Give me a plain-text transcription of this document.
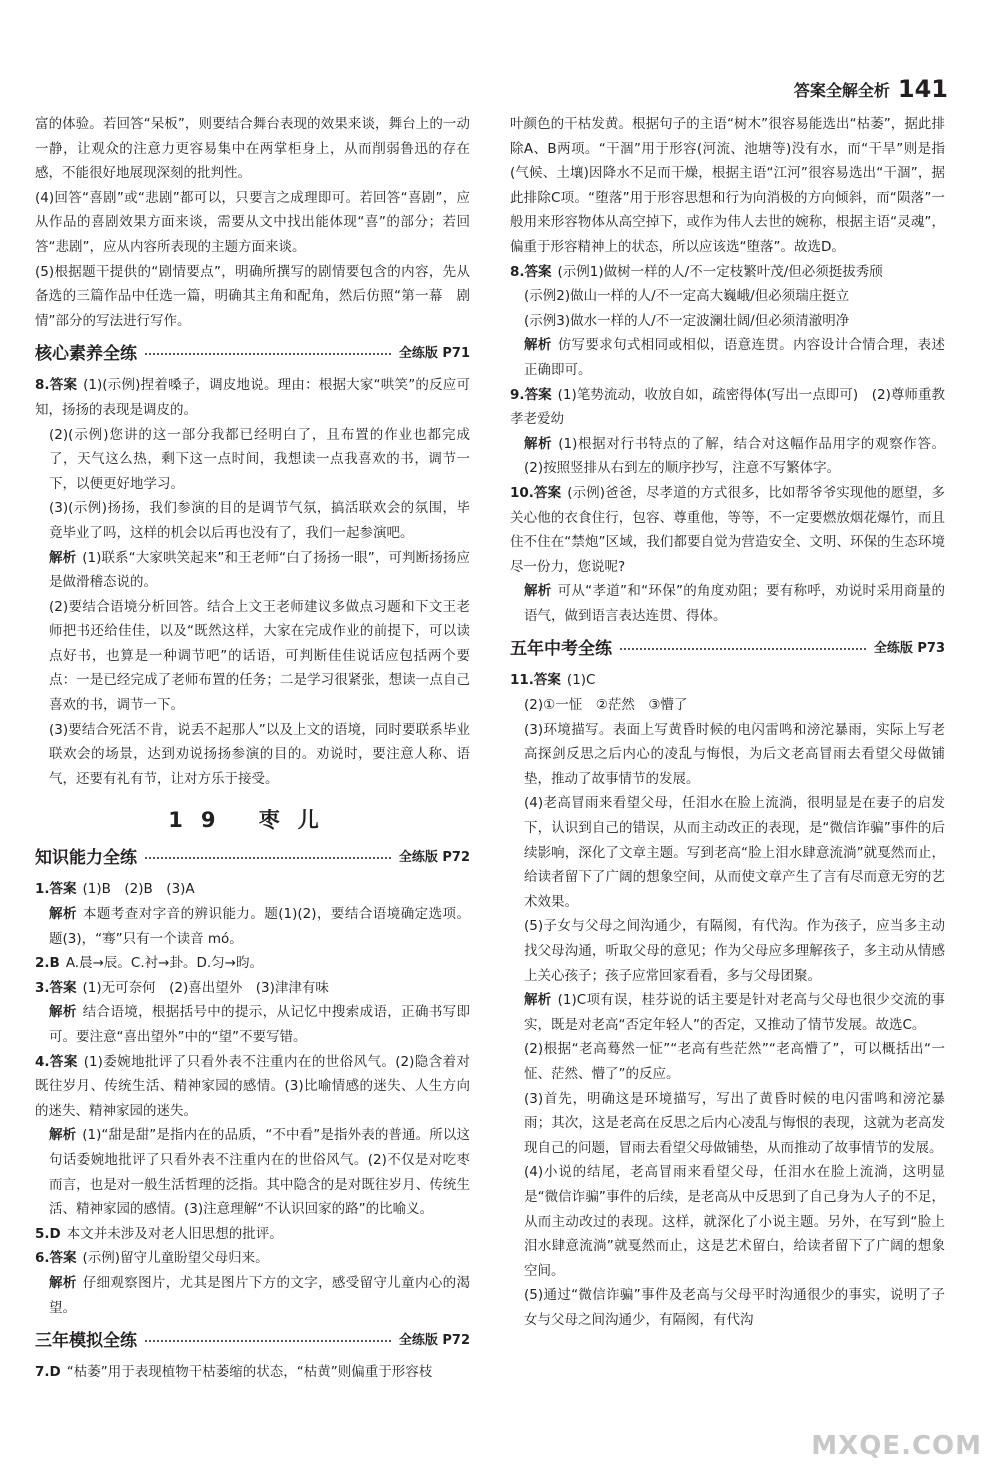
答案全解全析 141

富的体验。若回答“呆板”，则要结合舞台表现的效果来谈，舞台上的一动一静，让观众的注意力更容易集中在两掌柜身上，从而削弱鲁迅的存在感，不能很好地展现深刻的批判性。

(4)回答“喜剧”或“悲剧”都可以，只要言之成理即可。若回答“喜剧”，应从作品的喜剧效果方面来谈，需要从文中找出能体现“喜”的部分；若回答“悲剧”，应从内容所表现的主题方面来谈。

(5)根据题干提供的“剧情要点”，明确所撰写的剧情要包含的内容，先从备选的三篇作品中任选一篇，明确其主角和配角，然后仿照“第一幕　剧情”部分的写法进行写作。

核心素养全练	全练版 P71

8.答案 (1)(示例)捏着嗓子，调皮地说。理由：根据大家“哄笑”的反应可知，扬扬的表现是调皮的。

(2)(示例)您讲的这一部分我都已经明白了，且布置的作业也都完成了，天气这么热，剩下这一点时间，我想读一点我喜欢的书，调节一下，以便更好地学习。

(3)(示例)扬扬，我们参演的目的是调节气氛，搞活联欢会的氛围，毕竟毕业了吗，这样的机会以后再也没有了，我们一起参演吧。

解析 (1)联系“大家哄笑起来”和王老师“白了扬扬一眼”，可判断扬扬应是做滑稽态说的。

(2)要结合语境分析回答。结合上文王老师建议多做点习题和下文王老师把书还给佳佳，以及“既然这样，大家在完成作业的前提下，可以读点好书，也算是一种调节吧”的话语，可判断佳佳说话应包括两个要点：一是已经完成了老师布置的任务；二是学习很紧张，想读一点自己喜欢的书，调节一下。

(3)要结合死活不肯，说丢不起那人”以及上文的语境，同时要联系毕业联欢会的场景，达到劝说扬扬参演的目的。劝说时，要注意人称、语气，还要有礼有节，让对方乐于接受。

19 枣儿
知识能力全练	全练版 P72

1.答案 (1)B　(2)B　(3)A

解析 本题考查对字音的辨识能力。题(1)(2)，要结合语境确定选项。题(3)，“骞”只有一个读音 mó。

2.B A.晨→辰。C.衬→卦。D.匀→昀。

3.答案 (1)无可奈何　(2)喜出望外　(3)津津有味

解析 结合语境，根据括号中的提示，从记忆中搜索成语，正确书写即可。要注意“喜出望外”中的“望”不要写错。

4.答案 (1)委婉地批评了只看外表不注重内在的世俗风气。(2)隐含着对既往岁月、传统生活、精神家园的感情。(3)比喻情感的迷失、人生方向的迷失、精神家园的迷失。

解析 (1)“甜是甜”是指内在的品质，“不中看”是指外表的普通。所以这句话委婉地批评了只看外表不注重内在的世俗风气。(2)不仅是对吃枣而言，也是对一般生活哲理的泛指。其中隐含的是对既往岁月、传统生活、精神家园的感情。(3)注意理解“不认识回家的路”的比喻义。

5.D 本文并未涉及对老人旧思想的批评。

6.答案 (示例)留守儿童盼望父母归来。

解析 仔细观察图片，尤其是图片下方的文字，感受留守儿童内心的渴望。

三年模拟全练	全练版 P72

7.D “枯萎”用于表现植物干枯萎缩的状态，“枯黄”则偏重于形容枝

叶颜色的干枯发黄。根据句子的主语“树木”很容易能选出“枯萎”，据此排除A、B两项。“干涸”用于形容(河流、池塘等)没有水，而“干旱”则是指(气候、土壤)因降水不足而干燥，根据主语“江河”很容易选出“干涸”，据此排除C项。“堕落”用于形容思想和行为向消极的方向倾斜，而“陨落”一般用来形容物体从高空掉下，或作为伟人去世的婉称，根据主语“灵魂”，偏重于形容精神上的状态，所以应该选“堕落”。故选D。

8.答案 (示例1)做树一样的人/不一定枝繁叶茂/但必须挺拔秀颀

(示例2)做山一样的人/不一定高大巍峨/但必须瑞庄挺立

(示例3)做水一样的人/不一定波澜壮阔/但必须清澈明净

解析 仿写要求句式相同或相似，语意连贯。内容设计合情合理，表述正确即可。

9.答案 (1)笔势流动，收放自如，疏密得体(写出一点即可)　(2)尊师重教　孝老爱幼

解析 (1)根据对行书特点的了解，结合对这幅作品用字的观察作答。(2)按照竖排从右到左的顺序抄写，注意不写繁体字。

10.答案 (示例)爸爸，尽孝道的方式很多，比如帮爷爷实现他的愿望，多关心他的衣食住行，包容、尊重他，等等，不一定要燃放烟花爆竹，而且住不住在“禁炮”区域，我们都要自觉为营造安全、文明、环保的生态环境尽一份力，您说呢?

解析 可从“孝道”和“环保”的角度劝阻；要有称呼，劝说时采用商量的语气，做到语言表达连贯、得体。

五年中考全练	全练版 P73

11.答案 (1)C

(2)①一怔　②茫然　③懵了

(3)环境描写。表面上写黄昏时候的电闪雷鸣和滂沱暴雨，实际上写老高探剑反思之后内心的凌乱与悔恨，为后文老高冒雨去看望父母做铺垫，推动了故事情节的发展。

(4)老高冒雨来看望父母，任泪水在脸上流淌，很明显是在妻子的启发下，认识到自己的错误，从而主动改正的表现，是“微信诈骗”事件的后续影响，深化了文章主题。写到老高“脸上泪水肆意流淌”就戛然而止，给读者留下了广阔的想象空间，从而使文章产生了言有尽而意无穷的艺术效果。

(5)子女与父母之间沟通少，有隔阂，有代沟。作为孩子，应当多主动找父母沟通，听取父母的意见；作为父母应多理解孩子，多主动从情感上关心孩子；孩子应常回家看看，多与父母团聚。

解析 (1)C项有误，桂芬说的话主要是针对老高与父母也很少交流的事实，既是对老高“否定年轻人”的否定，又推动了情节发展。故选C。

(2)根据“老高蓦然一怔”“老高有些茫然”“老高懵了”，可以概括出“一怔、茫然、懵了”的反应。

(3)首先，明确这是环境描写，写出了黄昏时候的电闪雷鸣和滂沱暴雨；其次，这是老高在反思之后内心凌乱与悔恨的表现，这就为老高发现自己的问题，冒雨去看望父母做铺垫，从而推动了故事情节的发展。

(4)小说的结尾，老高冒雨来看望父母，任泪水在脸上流淌，这明显是“微信诈骗”事件的后续，是老高从中反思到了自己身为人子的不足，从而主动改过的表现。这样，就深化了小说主题。另外，在写到“脸上泪水肆意流淌”就戛然而止，这是艺术留白，给读者留下了广阔的想象空间。

(5)通过“微信诈骗”事件及老高与父母平时沟通很少的事实，说明了子女与父母之间沟通少，有隔阂，有代沟

MXQE.COM
